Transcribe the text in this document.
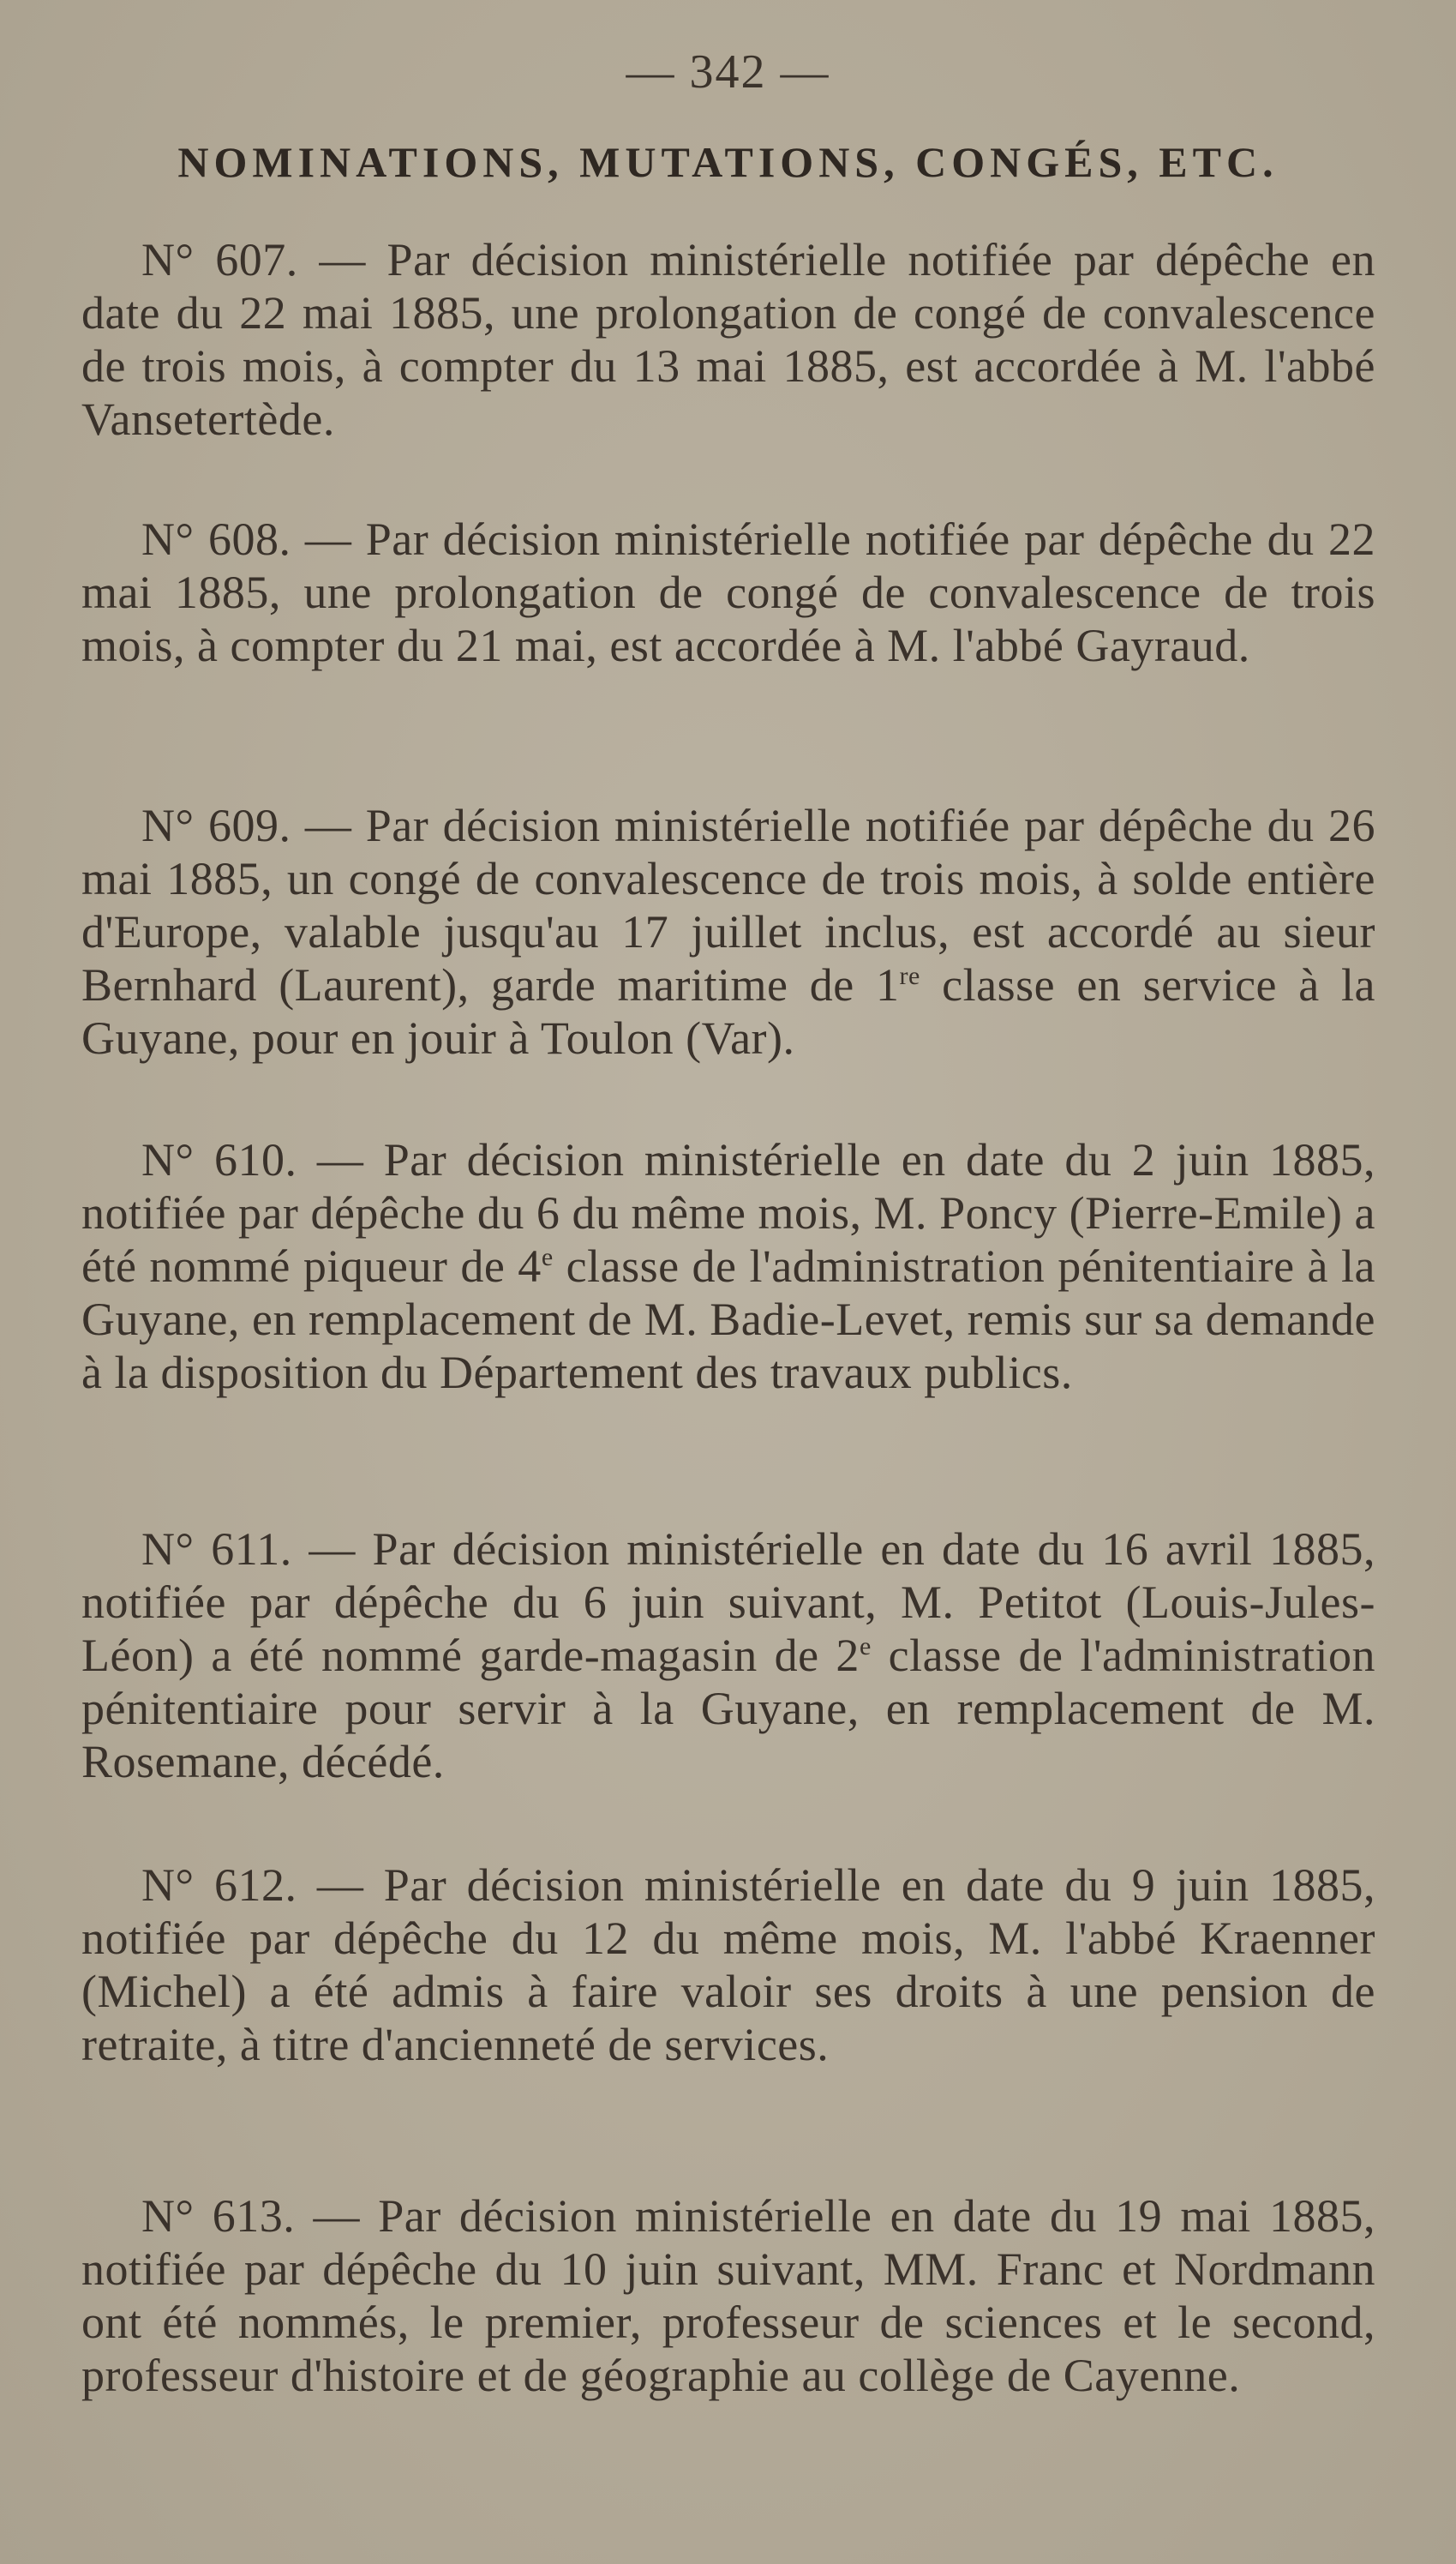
— 342 —
NOMINATIONS, MUTATIONS, CONGÉS, ETC.
N° 607. — Par décision ministérielle notifiée par dépêche en date du 22 mai 1885, une prolongation de congé de convalescence de trois mois, à compter du 13 mai 1885, est accordée à M. l'abbé Vansetertède.
N° 608. — Par décision ministérielle notifiée par dépêche du 22 mai 1885, une prolongation de congé de convalescence de trois mois, à compter du 21 mai, est accordée à M. l'abbé Gayraud.
N° 609. — Par décision ministérielle notifiée par dépêche du 26 mai 1885, un congé de convalescence de trois mois, à solde entière d'Europe, valable jusqu'au 17 juillet inclus, est accordé au sieur Bernhard (Laurent), garde maritime de 1re classe en service à la Guyane, pour en jouir à Toulon (Var).
N° 610. — Par décision ministérielle en date du 2 juin 1885, notifiée par dépêche du 6 du même mois, M. Poncy (Pierre-Emile) a été nommé piqueur de 4e classe de l'administration pénitentiaire à la Guyane, en remplacement de M. Badie-Levet, remis sur sa demande à la disposition du Département des travaux publics.
N° 611. — Par décision ministérielle en date du 16 avril 1885, notifiée par dépêche du 6 juin suivant, M. Petitot (Louis-Jules-Léon) a été nommé garde-magasin de 2e classe de l'administration pénitentiaire pour servir à la Guyane, en remplacement de M. Rosemane, décédé.
N° 612. — Par décision ministérielle en date du 9 juin 1885, notifiée par dépêche du 12 du même mois, M. l'abbé Kraenner (Michel) a été admis à faire valoir ses droits à une pension de retraite, à titre d'ancienneté de services.
N° 613. — Par décision ministérielle en date du 19 mai 1885, notifiée par dépêche du 10 juin suivant, MM. Franc et Nordmann ont été nommés, le premier, professeur de sciences et le second, professeur d'histoire et de géographie au collège de Cayenne.
